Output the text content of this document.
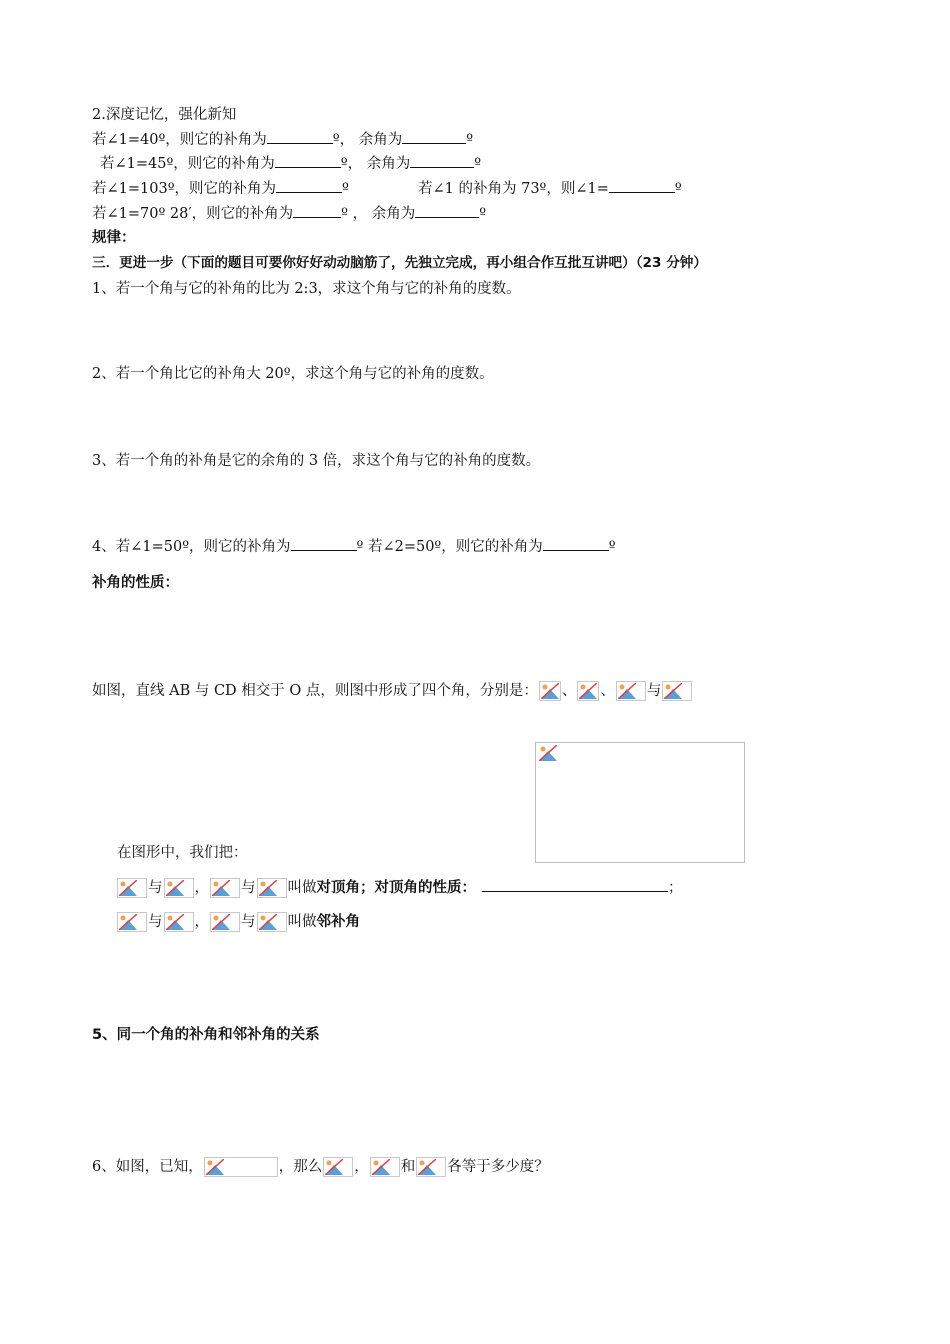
2.深度记忆，强化新知
若∠1=40º，则它的补角为	º， 余角为	º
若∠1=45º，则它的补角为	º， 余角为	º
若∠1=103º，则它的补角为	º	若∠1 的补角为 73º，则∠1=	º
若∠1=70º 28′，则它的补角为	º ， 余角为	º
规律：
三．更进一步（下面的题目可要你好好动动脑筋了，先独立完成，再小组合作互批互讲吧）（23 分钟）
1、若一个角与它的补角的比为 2:3，求这个角与它的补角的度数。
2、若一个角比它的补角大 20º，求这个角与它的补角的度数。
3、若一个角的补角是它的余角的 3 倍，求这个角与它的补角的度数。
4、若∠1=50º，则它的补角为	º 若∠2=50º，则它的补角为	º
补角的性质：
如图，直线 AB 与 CD 相交于 O 点，则图中形成了四个角，分别是： 、 、 与
在图形中，我们把：
与 ， 与 叫做对顶角；对顶角的性质：	；
与 ， 与 叫做邻补角
5、同一个角的补角和邻补角的关系
6、如图，已知，	，那么 ， 和 各等于多少度？
